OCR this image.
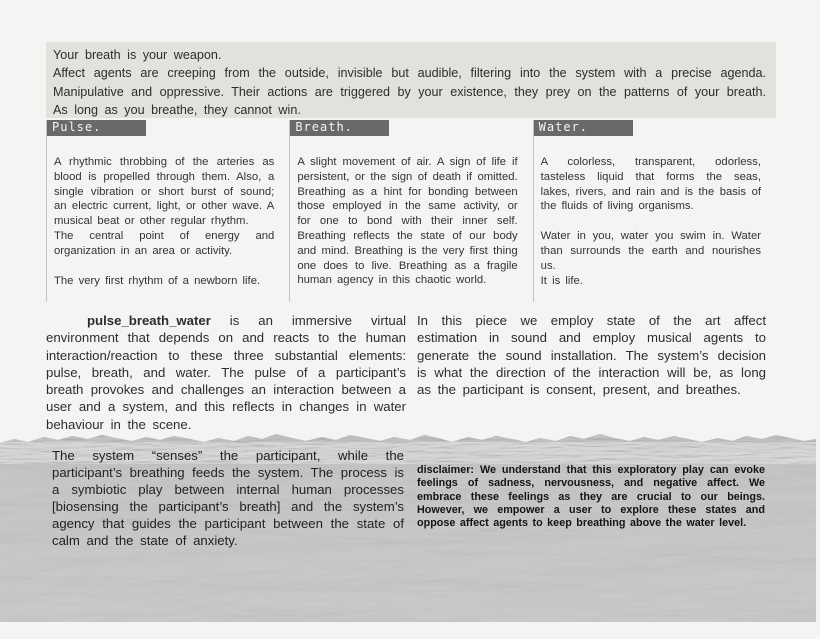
Your breath is your weapon.
Affect agents are creeping from the outside, invisible but audible, filtering into the system with a precise agenda. Manipulative and oppressive. Their actions are triggered by your existence, they prey on the patterns of your breath. As long as you breathe, they cannot win.
Pulse.

A rhythmic throbbing of the arteries as blood is propelled through them. Also, a single vibration or short burst of sound; an electric current, light, or other wave. A musical beat or other regular rhythm.

The central point of energy and organization in an area or activity.

The very first rhythm of a newborn life.

Breath.

A slight movement of air. A sign of life if persistent, or the sign of death if omitted. Breathing as a hint for bonding between those employed in the same activity, or for one to bond with their inner self. Breathing reflects the state of our body and mind. Breathing is the very first thing one does to live. Breathing as a fragile human agency in this chaotic world.

Water.

A colorless, transparent, odorless, tasteless liquid that forms the seas, lakes, rivers, and rain and is the basis of the fluids of living organisms.

Water in you, water you swim in. Water than surrounds the earth and nourishes us.

It is life.

pulse_breath_water is an immersive virtual environment that depends on and reacts to the human interaction/reaction to these three substantial elements: pulse, breath, and water. The pulse of a participant’s breath provokes and challenges an interaction between a user and a system, and this reflects in changes in water behaviour in the scene.

In this piece we employ state of the art affect estimation in sound and employ musical agents to generate the sound installation. The system’s decision is what the direction of the interaction will be, as long as the participant is consent, present, and breathes.

The system “senses” the participant, while the participant’s breathing feeds the system. The process is a symbiotic play between internal human processes [biosensing the participant’s breath] and the system’s agency that guides the participant between the state of calm and the state of anxiety.
disclaimer: We understand that this exploratory play can evoke feelings of sadness, nervousness, and negative affect. We embrace these feelings as they are crucial to our beings. However, we empower a user to explore these states and oppose affect agents to keep breathing above the water level.
